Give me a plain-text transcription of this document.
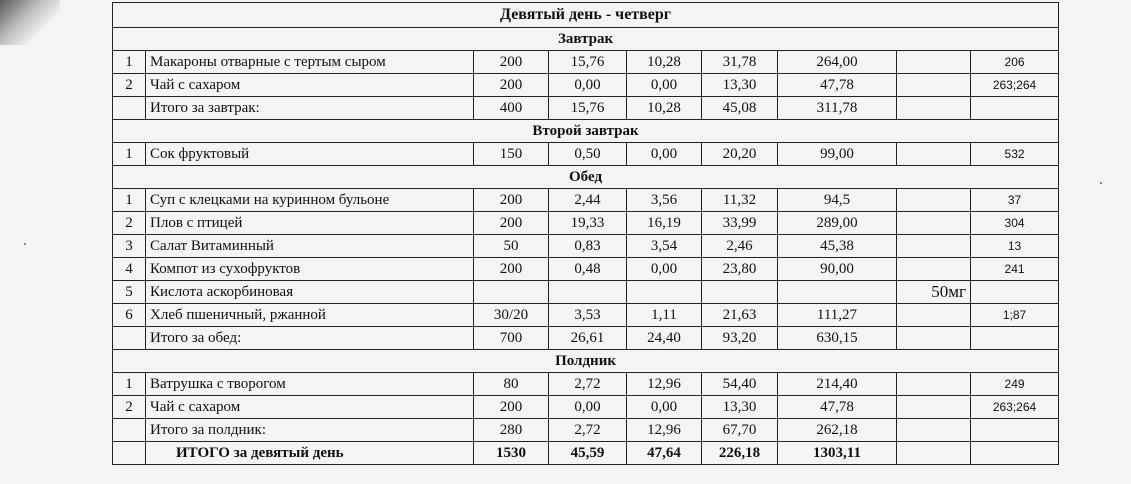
Девятый день - четверг								
Завтрак								
1	Макароны отварные с тертым сыром	200	15,76	10,28	31,78	264,00		206
2	Чай с сахаром	200	0,00	0,00	13,30	47,78		263;264
	Итого за завтрак:	400	15,76	10,28	45,08	311,78		
Второй завтрак								
1	Сок фруктовый	150	0,50	0,00	20,20	99,00		532
Обед								
1	Суп с клецками на куринном бульоне	200	2,44	3,56	11,32	94,5		37
2	Плов с птицей	200	19,33	16,19	33,99	289,00		304
3	Салат Витаминный	50	0,83	3,54	2,46	45,38		13
4	Компот из сухофруктов	200	0,48	0,00	23,80	90,00		241
5	Кислота аскорбиновая						50мг	
6	Хлеб пшеничный, ржанной	30/20	3,53	1,11	21,63	111,27		1;87
	Итого за обед:	700	26,61	24,40	93,20	630,15		
Полдник								
1	Ватрушка с творогом	80	2,72	12,96	54,40	214,40		249
2	Чай с сахаром	200	0,00	0,00	13,30	47,78		263;264
	Итого за полдник:	280	2,72	12,96	67,70	262,18		
	ИТОГО за девятый день	1530	45,59	47,64	226,18	1303,11		
